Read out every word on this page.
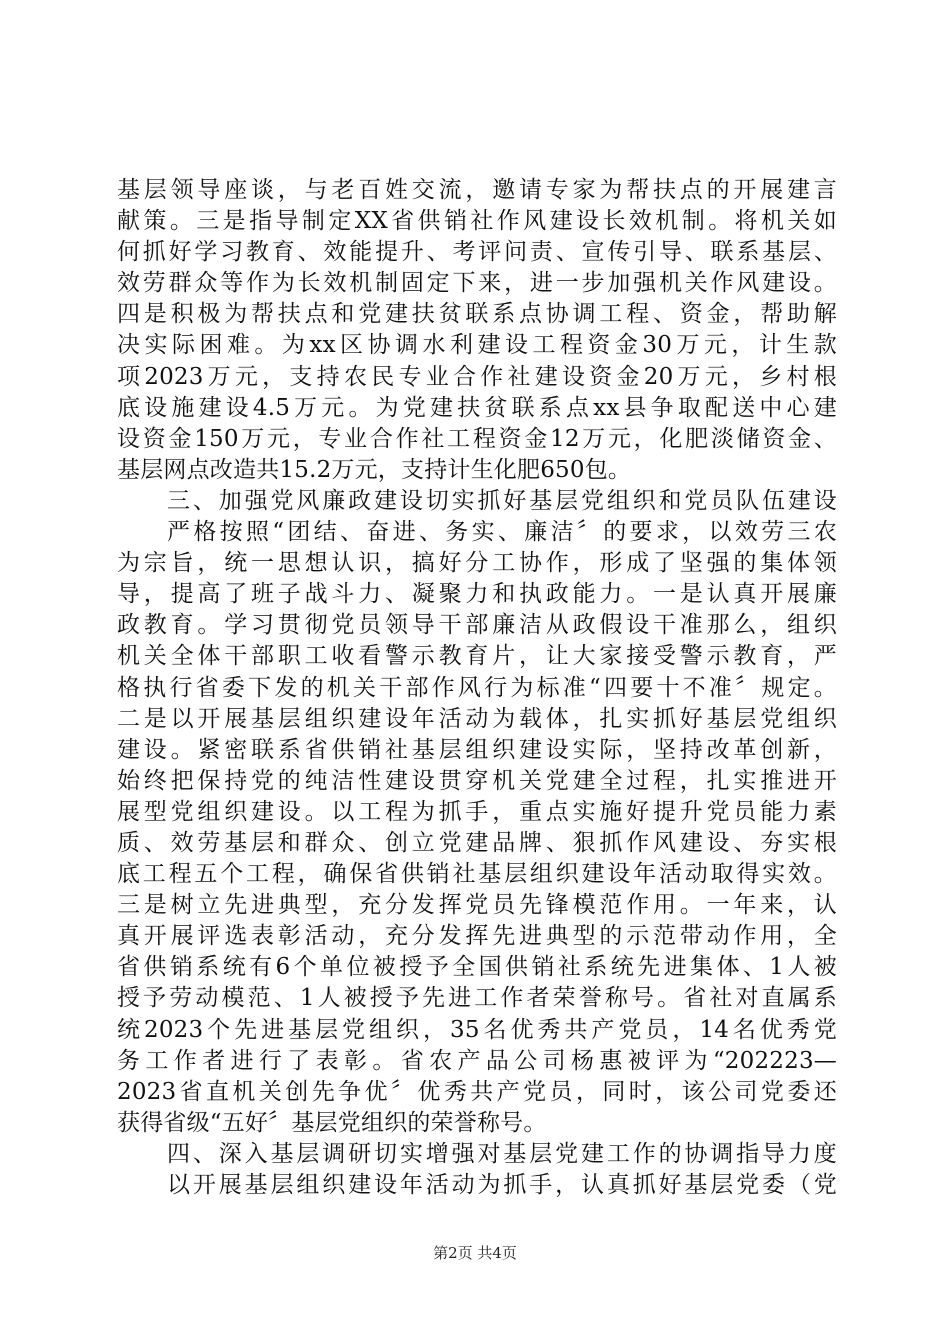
基层领导座谈，与老百姓交流，邀请专家为帮扶点的开展建言
献策。三是指导制定XX省供销社作风建设长效机制。将机关如
何抓好学习教育、效能提升、考评问责、宣传引导、联系基层、
效劳群众等作为长效机制固定下来，进一步加强机关作风建设。
四是积极为帮扶点和党建扶贫联系点协调工程、资金，帮助解
决实际困难。为xx区协调水利建设工程资金30万元，计生款
项2023万元，支持农民专业合作社建设资金20万元，乡村根
底设施建设4.5万元。为党建扶贫联系点xx县争取配送中心建
设资金150万元，专业合作社工程资金12万元，化肥淡储资金、
基层网点改造共15.2万元，支持计生化肥650包。
三、加强党风廉政建设切实抓好基层党组织和党员队伍建设
严格按照“团结、奋进、务实、廉洁〞的要求，以效劳三农
为宗旨，统一思想认识，搞好分工协作，形成了坚强的集体领
导，提高了班子战斗力、凝聚力和执政能力。一是认真开展廉
政教育。学习贯彻党员领导干部廉洁从政假设干准那么，组织
机关全体干部职工收看警示教育片，让大家接受警示教育，严
格执行省委下发的机关干部作风行为标准“四要十不准〞规定。
二是以开展基层组织建设年活动为载体，扎实抓好基层党组织
建设。紧密联系省供销社基层组织建设实际，坚持改革创新，
始终把保持党的纯洁性建设贯穿机关党建全过程，扎实推进开
展型党组织建设。以工程为抓手，重点实施好提升党员能力素
质、效劳基层和群众、创立党建品牌、狠抓作风建设、夯实根
底工程五个工程，确保省供销社基层组织建设年活动取得实效。
三是树立先进典型，充分发挥党员先锋模范作用。一年来，认
真开展评选表彰活动，充分发挥先进典型的示范带动作用，全
省供销系统有6个单位被授予全国供销社系统先进集体、1人被
授予劳动模范、1人被授予先进工作者荣誉称号。省社对直属系
统2023个先进基层党组织，35名优秀共产党员，14名优秀党
务工作者进行了表彰。省农产品公司杨惠被评为“202223—
2023省直机关创先争优〞优秀共产党员，同时，该公司党委还
获得省级“五好〞基层党组织的荣誉称号。
四、深入基层调研切实增强对基层党建工作的协调指导力度
以开展基层组织建设年活动为抓手，认真抓好基层党委（党
第2页 共4页
